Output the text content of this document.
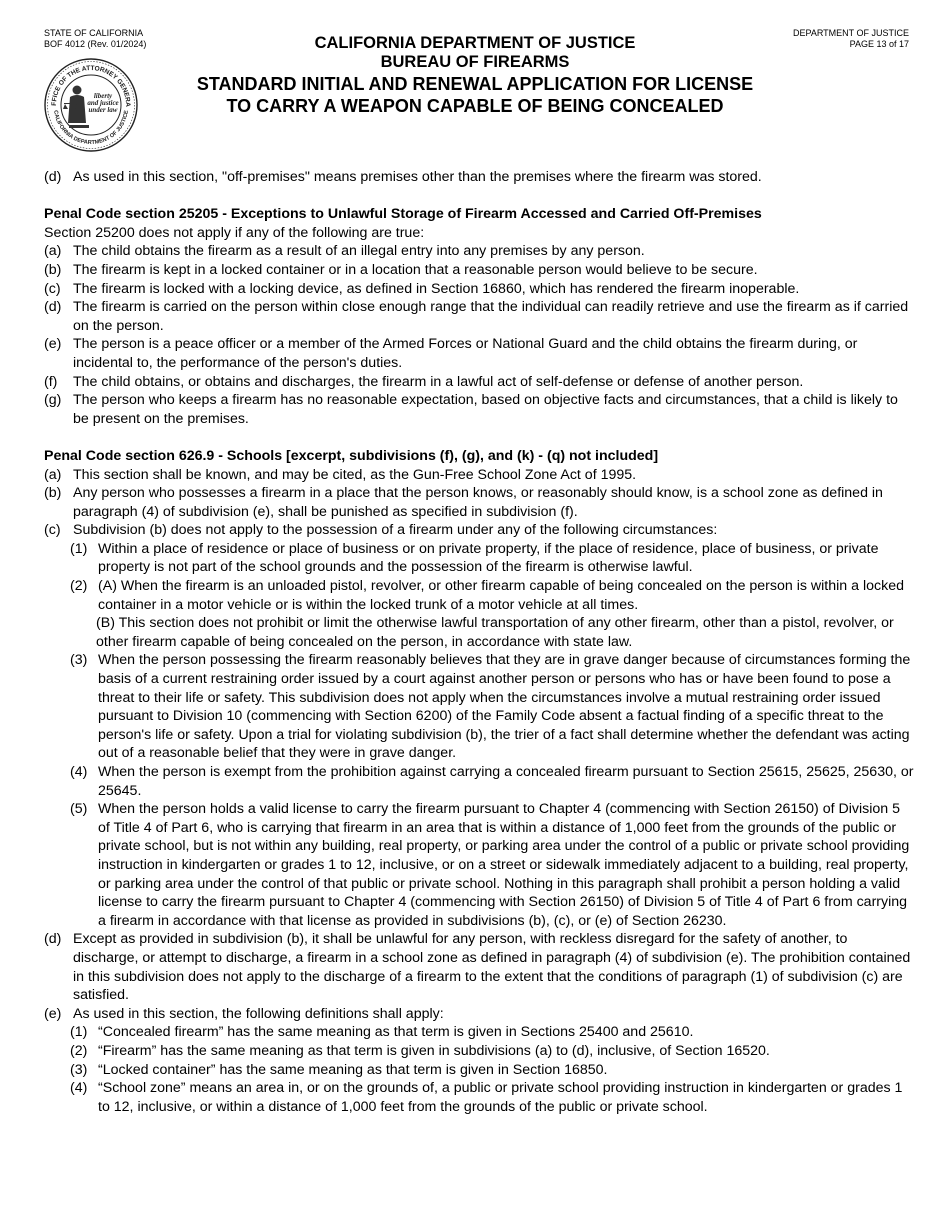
STATE OF CALIFORNIA
BOF 4012 (Rev. 01/2024)
DEPARTMENT OF JUSTICE
PAGE 13 of 17
FFICE OF THE ATTORNEY GENERA
CALIFORNIA DEPARTMENT OF JUSTICE
liberty
and justice
under law
CALIFORNIA DEPARTMENT OF JUSTICE
BUREAU OF FIREARMS
STANDARD INITIAL AND RENEWAL APPLICATION FOR LICENSE
TO CARRY A WEAPON CAPABLE OF BEING CONCEALED
(d) As used in this section, "off-premises" means premises other than the premises where the firearm was stored.
Penal Code section 25205 - Exceptions to Unlawful Storage of Firearm Accessed and Carried Off-Premises
Section 25200 does not apply if any of the following are true:
(a) The child obtains the firearm as a result of an illegal entry into any premises by any person.
(b) The firearm is kept in a locked container or in a location that a reasonable person would believe to be secure.
(c) The firearm is locked with a locking device, as defined in Section 16860, which has rendered the firearm inoperable.
(d) The firearm is carried on the person within close enough range that the individual can readily retrieve and use the firearm as if carried on the person.
(e) The person is a peace officer or a member of the Armed Forces or National Guard and the child obtains the firearm during, or incidental to, the performance of the person's duties.
(f) The child obtains, or obtains and discharges, the firearm in a lawful act of self-defense or defense of another person.
(g) The person who keeps a firearm has no reasonable expectation, based on objective facts and circumstances, that a child is likely to be present on the premises.
Penal Code section 626.9 - Schools [excerpt, subdivisions (f), (g), and (k) - (q) not included]
(a) This section shall be known, and may be cited, as the Gun-Free School Zone Act of 1995.
(b) Any person who possesses a firearm in a place that the person knows, or reasonably should know, is a school zone as defined in paragraph (4) of subdivision (e), shall be punished as specified in subdivision (f).
(c) Subdivision (b) does not apply to the possession of a firearm under any of the following circumstances:
(1) Within a place of residence or place of business or on private property, if the place of residence, place of business, or private property is not part of the school grounds and the possession of the firearm is otherwise lawful.
(2) (A) When the firearm is an unloaded pistol, revolver, or other firearm capable of being concealed on the person is within a locked container in a motor vehicle or is within the locked trunk of a motor vehicle at all times.
(B) This section does not prohibit or limit the otherwise lawful transportation of any other firearm, other than a pistol, revolver, or other firearm capable of being concealed on the person, in accordance with state law.
(3) When the person possessing the firearm reasonably believes that they are in grave danger because of circumstances forming the basis of a current restraining order issued by a court against another person or persons who has or have been found to pose a threat to their life or safety. This subdivision does not apply when the circumstances involve a mutual restraining order issued pursuant to Division 10 (commencing with Section 6200) of the Family Code absent a factual finding of a specific threat to the person's life or safety. Upon a trial for violating subdivision (b), the trier of a fact shall determine whether the defendant was acting out of a reasonable belief that they were in grave danger.
(4) When the person is exempt from the prohibition against carrying a concealed firearm pursuant to Section 25615, 25625, 25630, or 25645.
(5) When the person holds a valid license to carry the firearm pursuant to Chapter 4 (commencing with Section 26150) of Division 5 of Title 4 of Part 6, who is carrying that firearm in an area that is within a distance of 1,000 feet from the grounds of the public or private school, but is not within any building, real property, or parking area under the control of a public or private school providing instruction in kindergarten or grades 1 to 12, inclusive, or on a street or sidewalk immediately adjacent to a building, real property, or parking area under the control of that public or private school. Nothing in this paragraph shall prohibit a person holding a valid license to carry the firearm pursuant to Chapter 4 (commencing with Section 26150) of Division 5 of Title 4 of Part 6 from carrying a firearm in accordance with that license as provided in subdivisions (b), (c), or (e) of Section 26230.
(d) Except as provided in subdivision (b), it shall be unlawful for any person, with reckless disregard for the safety of another, to discharge, or attempt to discharge, a firearm in a school zone as defined in paragraph (4) of subdivision (e). The prohibition contained in this subdivision does not apply to the discharge of a firearm to the extent that the conditions of paragraph (1) of subdivision (c) are satisfied.
(e) As used in this section, the following definitions shall apply:
(1) “Concealed firearm” has the same meaning as that term is given in Sections 25400 and 25610.
(2) “Firearm” has the same meaning as that term is given in subdivisions (a) to (d), inclusive, of Section 16520.
(3) “Locked container” has the same meaning as that term is given in Section 16850.
(4) “School zone” means an area in, or on the grounds of, a public or private school providing instruction in kindergarten or grades 1 to 12, inclusive, or within a distance of 1,000 feet from the grounds of the public or private school.
